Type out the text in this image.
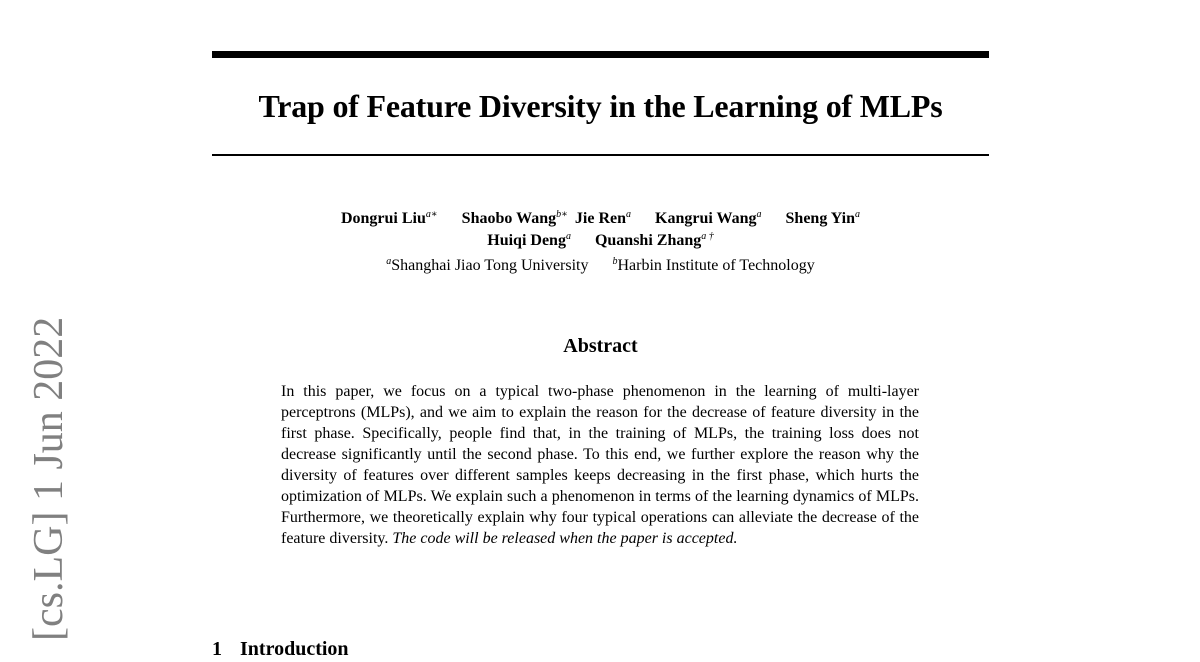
[cs.LG] 1 Jun 2022
Trap of Feature Diversity in the Learning of MLPs
Dongrui Liu$^{a∗}$ Shaobo Wang$^{b∗}$ Jie Ren$^a$ Kangrui Wang$^a$ Sheng Yin$^a$
Huiqi Deng$^a$ Quanshi Zhang$^{a \dagger}$
$^a$Shanghai Jiao Tong University $^b$Harbin Institute of Technology
Abstract
In this paper, we focus on a typical two-phase phenomenon in the learning of multi-layer perceptrons (MLPs), and we aim to explain the reason for the decrease of feature diversity in the first phase. Specifically, people find that, in the training of MLPs, the training loss does not decrease significantly until the second phase. To this end, we further explore the reason why the diversity of features over different samples keeps decreasing in the first phase, which hurts the optimization of MLPs. We explain such a phenomenon in terms of the learning dynamics of MLPs. Furthermore, we theoretically explain why four typical operations can alleviate the decrease of the feature diversity. The code will be released when the paper is accepted.
1 Introduction
